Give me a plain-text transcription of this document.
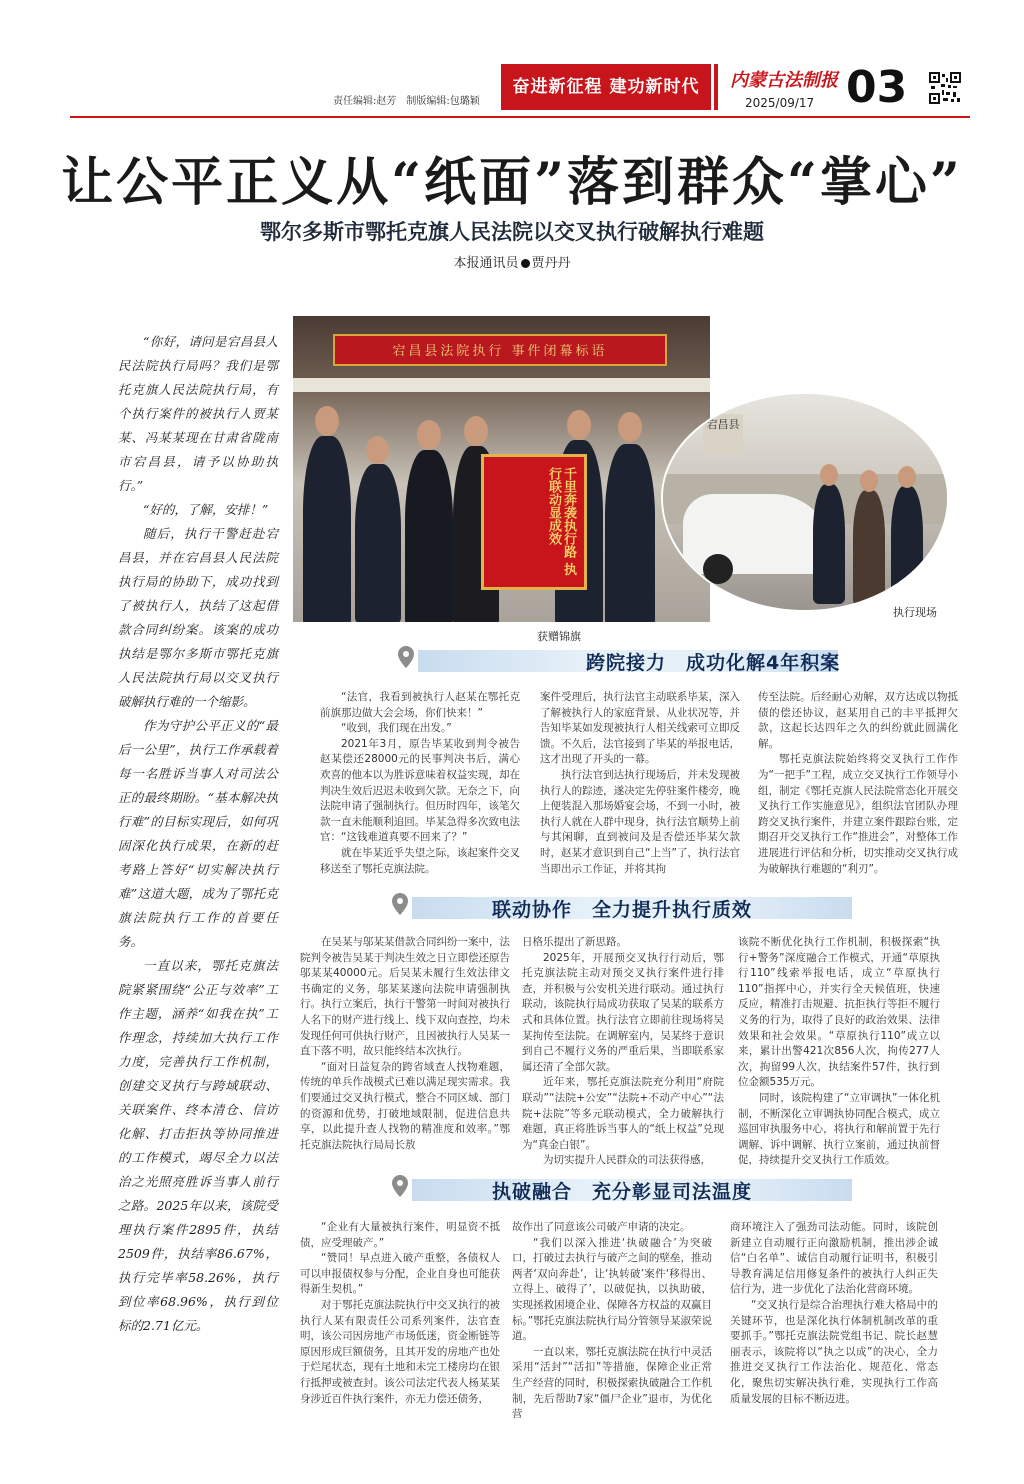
责任编辑:赵芳　制版编辑:包璐颖
奋进新征程 建功新时代	内蒙古法制报
2025/09/17 03
让公平正义从“纸面”落到群众“掌心”
鄂尔多斯市鄂托克旗人民法院以交叉执行破解执行难题
本报通讯员 贾丹丹

“你好，请问是宕昌县人民法院执行局吗？我们是鄂托克旗人民法院执行局，有个执行案件的被执行人贾某某、冯某某现在甘肃省陇南市宕昌县，请予以协助执行。”

“好的，了解，安排！”

随后，执行干警赶赴宕昌县，并在宕昌县人民法院执行局的协助下，成功找到了被执行人，执结了这起借款合同纠纷案。该案的成功执结是鄂尔多斯市鄂托克旗人民法院执行局以交叉执行破解执行难的一个缩影。

作为守护公平正义的“最后一公里”，执行工作承载着每一名胜诉当事人对司法公正的最终期盼。“基本解决执行难”的目标实现后，如何巩固深化执行成果，在新的赶考路上答好“切实解决执行难”这道大题，成为了鄂托克旗法院执行工作的首要任务。

一直以来，鄂托克旗法院紧紧围绕“公正与效率”工作主题，涵养“如我在执”工作理念，持续加大执行工作力度，完善执行工作机制，创建交叉执行与跨域联动、关联案件、终本清仓、信访化解、打击拒执等协同推进的工作模式，竭尽全力以法治之光照亮胜诉当事人前行之路。2025年以来，该院受理执行案件2895件，执结2509件，执结率86.67%，执行完毕率58.26%，执行到位率68.96%，执行到位标的2.71亿元。

宕昌县法院执行 事件闭幕标语
千里奔袭执行路 执行联动显成效
获赠锦旗
宕昌县
执行现场
跨院接力　成功化解4年积案

“法官，我看到被执行人赵某在鄂托克前旗那边做大会会场，你们快来！”

“收到，我们现在出发。”

2021年3月，原告毕某收到判令被告赵某偿还28000元的民事判决书后，满心欢喜的他本以为胜诉意味着权益实现，却在判决生效后迟迟未收到欠款。无奈之下，向法院申请了强制执行。但历时四年，该笔欠款一直未能顺利追回。毕某急得多次致电法官：“这钱难道真要不回来了？”

就在毕某近乎失望之际，该起案件交叉移送至了鄂托克旗法院。

案件受理后，执行法官主动联系毕某，深入了解被执行人的家庭背景、从业状况等，并告知毕某如发现被执行人相关线索可立即反馈。不久后，法官接到了毕某的举报电话，这才出现了开头的一幕。

执行法官到达执行现场后，并未发现被执行人的踪迹，遂决定先停驻案件楼旁，晚上便装混入那场婚宴会场，不到一小时，被执行人就在人群中现身，执行法官顺势上前与其闲聊，直到被问及是否偿还毕某欠款时，赵某才意识到自己“上当”了，执行法官当即出示工作证，并将其拘

传至法院。后经耐心劝解，双方达成以物抵债的偿还协议，赵某用自己的丰平抵押欠款，这起长达四年之久的纠纷就此圆满化解。

鄂托克旗法院始终将交叉执行工作作为“一把手”工程，成立交叉执行工作领导小组，制定《鄂托克旗人民法院常态化开展交叉执行工作实施意见》，组织法官团队办理跨交叉执行案件，并建立案件跟踪台账，定期召开交叉执行工作“推进会”，对整体工作进展进行评估和分析，切实推动交叉执行成为破解执行难题的“利刃”。

联动协作　全力提升执行质效

在吴某与邬某某借款合同纠纷一案中，法院判令被告吴某于判决生效之日立即偿还原告邬某某40000元。后吴某未履行生效法律文书确定的义务，邬某某遂向法院申请强制执行。执行立案后，执行干警第一时间对被执行人名下的财产进行线上、线下双向查控，均未发现任何可供执行财产，且因被执行人吴某一直下落不明，故只能终结本次执行。

“面对日益复杂的跨省域查人找物难题，传统的单兵作战模式已难以满足现实需求。我们要通过交叉执行模式，整合不同区域、部门的资源和优势，打破地域限制，促进信息共享，以此提升查人找物的精准度和效率。”鄂托克旗法院执行局局长敖

日格乐提出了新思路。

2025年，开展预交叉执行行动后，鄂托克旗法院主动对预交叉执行案件进行排查，并积极与公安机关进行联动。通过执行联动，该院执行局成功获取了吴某的联系方式和具体位置。执行法官立即前往现场将吴某拘传至法院。在调解室内，吴某终于意识到自己不履行义务的严重后果，当即联系家属还清了全部欠款。

近年来，鄂托克旗法院充分利用“府院联动”“法院+公安”“法院+不动产中心”“法院+法院”等多元联动模式，全力破解执行难题，真正将胜诉当事人的“纸上权益”兑现为“真金白银”。

为切实提升人民群众的司法获得感，

该院不断优化执行工作机制，积极探索“执行+警务”深度融合工作模式，开通“草原执行110”线索举报电话，成立“草原执行110”指挥中心，并实行全天候值班，快速反应，精准打击规避、抗拒执行等拒不履行义务的行为，取得了良好的政治效果、法律效果和社会效果。“草原执行110”成立以来，累计出警421次856人次，拘传277人次，拘留99人次，执结案件57件，执行到位金额535万元。

同时，该院构建了“立审调执”一体化机制，不断深化立审调执协同配合模式，成立巡回审执服务中心，将执行和解前置于先行调解、诉中调解、执行立案前，通过执前督促，持续提升交叉执行工作质效。

执破融合　充分彰显司法温度

“企业有大量被执行案件，明显资不抵债，应受理破产。”

“赞同！早点进入破产重整，各债权人可以申报债权参与分配，企业自身也可能获得新生契机。”

对于鄂托克旗法院执行中交叉执行的被执行人某有限责任公司系列案件，法官查明，该公司因房地产市场低迷，资金断链等原因形成巨额债务，且其开发的房地产也处于烂尾状态，现有土地和未完工楼房均在银行抵押或被查封。该公司法定代表人杨某某身涉近百件执行案件，亦无力偿还债务，

故作出了同意该公司破产申请的决定。

“我们以深入推进‘执破融合’为突破口，打破过去执行与破产之间的壁垒，推动两者‘双向奔赴’，让‘执转破’案件‘移得出、立得上、破得了’，以破促执，以执助破，实现拯救困境企业、保障各方权益的双赢目标。”鄂托克旗法院执行局分管领导某淑荣说道。

一直以来，鄂托克旗法院在执行中灵活采用“活封”“活扣”等措施，保障企业正常生产经营的同时，积极探索执破融合工作机制，先后帮助7家“僵尸企业”退市，为优化营

商环境注入了强劲司法动能。同时，该院创新建立自动履行正向激励机制，推出涉企诚信“白名单”、诚信自动履行证明书，积极引导教育满足信用修复条件的被执行人纠正失信行为，进一步优化了法治化营商环境。

“交叉执行是综合治理执行难大格局中的关键环节，也是深化执行体制机制改革的重要抓手。”鄂托克旗法院党组书记、院长赵慧丽表示，该院将以“执之以成”的决心，全力推进交叉执行工作法治化、规范化、常态化，聚焦切实解决执行难，实现执行工作高质量发展的目标不断迈进。
